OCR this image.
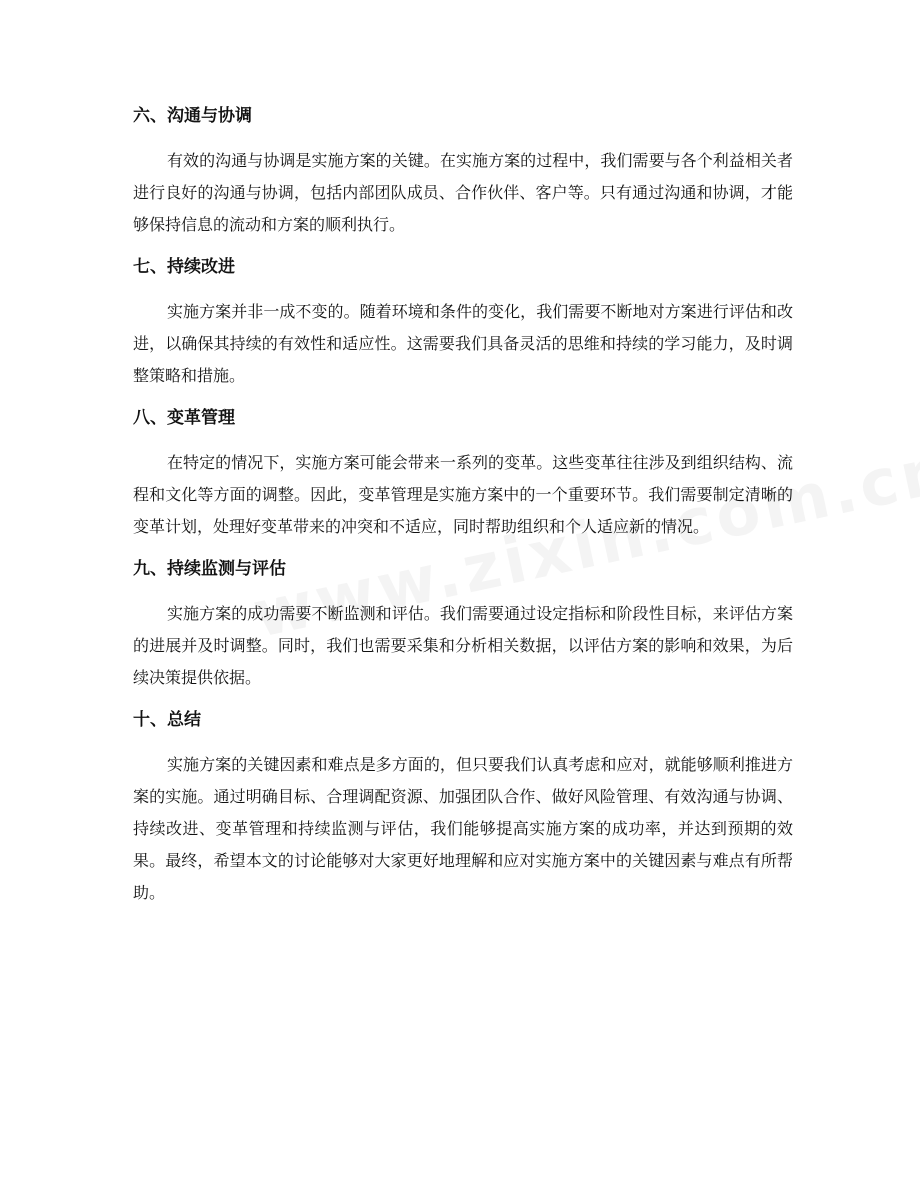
六、沟通与协调

有效的沟通与协调是实施方案的关键。在实施方案的过程中，我们需要与各个利益相关者进行良好的沟通与协调，包括内部团队成员、合作伙伴、客户等。只有通过沟通和协调，才能够保持信息的流动和方案的顺利执行。

七、持续改进

实施方案并非一成不变的。随着环境和条件的变化，我们需要不断地对方案进行评估和改进，以确保其持续的有效性和适应性。这需要我们具备灵活的思维和持续的学习能力，及时调整策略和措施。

八、变革管理

在特定的情况下，实施方案可能会带来一系列的变革。这些变革往往涉及到组织结构、流程和文化等方面的调整。因此，变革管理是实施方案中的一个重要环节。我们需要制定清晰的变革计划，处理好变革带来的冲突和不适应，同时帮助组织和个人适应新的情况。

九、持续监测与评估

实施方案的成功需要不断监测和评估。我们需要通过设定指标和阶段性目标，来评估方案的进展并及时调整。同时，我们也需要采集和分析相关数据，以评估方案的影响和效果，为后续决策提供依据。

十、总结

实施方案的关键因素和难点是多方面的，但只要我们认真考虑和应对，就能够顺利推进方案的实施。通过明确目标、合理调配资源、加强团队合作、做好风险管理、有效沟通与协调、持续改进、变革管理和持续监测与评估，我们能够提高实施方案的成功率，并达到预期的效果。最终，希望本文的讨论能够对大家更好地理解和应对实施方案中的关键因素与难点有所帮助。
